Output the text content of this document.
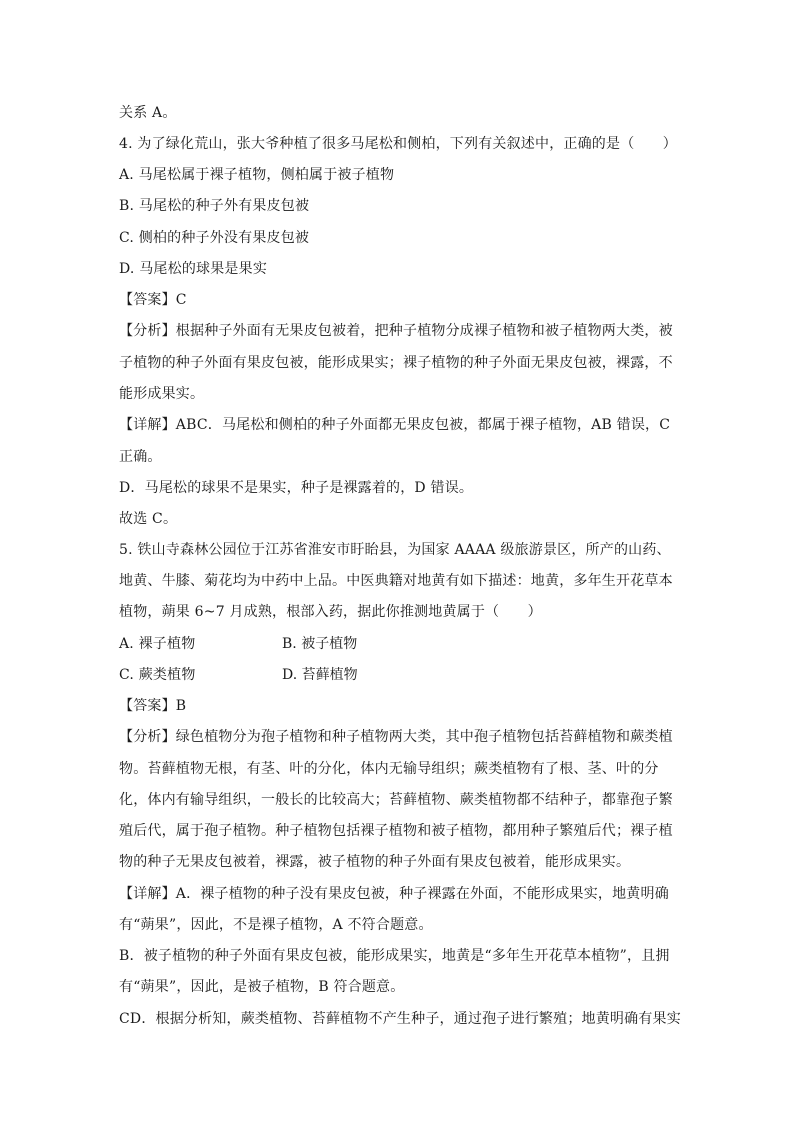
关系 A。
4. 为了绿化荒山，张大爷种植了很多马尾松和侧柏，下列有关叙述中，正确的是（　　）
A. 马尾松属于裸子植物，侧柏属于被子植物
B. 马尾松的种子外有果皮包被
C. 侧柏的种子外没有果皮包被
D. 马尾松的球果是果实
【答案】C
【分析】根据种子外面有无果皮包被着，把种子植物分成裸子植物和被子植物两大类，被
子植物的种子外面有果皮包被，能形成果实；裸子植物的种子外面无果皮包被，裸露，不
能形成果实。
【详解】ABC．马尾松和侧柏的种子外面都无果皮包被，都属于裸子植物，AB 错误，C
正确。
D．马尾松的球果不是果实，种子是裸露着的，D 错误。
故选 C。
5. 铁山寺森林公园位于江苏省淮安市盱眙县，为国家 AAAA 级旅游景区，所产的山药、
地黄、牛膝、菊花均为中药中上品。中医典籍对地黄有如下描述：地黄，多年生开花草本
植物，蒴果 6~7 月成熟，根部入药，据此你推测地黄属于（　　）
A. 裸子植物	B. 被子植物
C. 蕨类植物	D. 苔藓植物
【答案】B
【分析】绿色植物分为孢子植物和种子植物两大类，其中孢子植物包括苔藓植物和蕨类植
物。苔藓植物无根，有茎、叶的分化，体内无输导组织；蕨类植物有了根、茎、叶的分
化，体内有输导组织，一般长的比较高大；苔藓植物、蕨类植物都不结种子，都靠孢子繁
殖后代，属于孢子植物。种子植物包括裸子植物和被子植物，都用种子繁殖后代；裸子植
物的种子无果皮包被着，裸露，被子植物的种子外面有果皮包被着，能形成果实。
【详解】A．裸子植物的种子没有果皮包被，种子裸露在外面，不能形成果实，地黄明确
有“蒴果”，因此，不是裸子植物，A 不符合题意。
B．被子植物的种子外面有果皮包被，能形成果实，地黄是“多年生开花草本植物”，且拥
有“蒴果”，因此，是被子植物，B 符合题意。
CD．根据分析知，蕨类植物、苔藓植物不产生种子，通过孢子进行繁殖；地黄明确有果实
